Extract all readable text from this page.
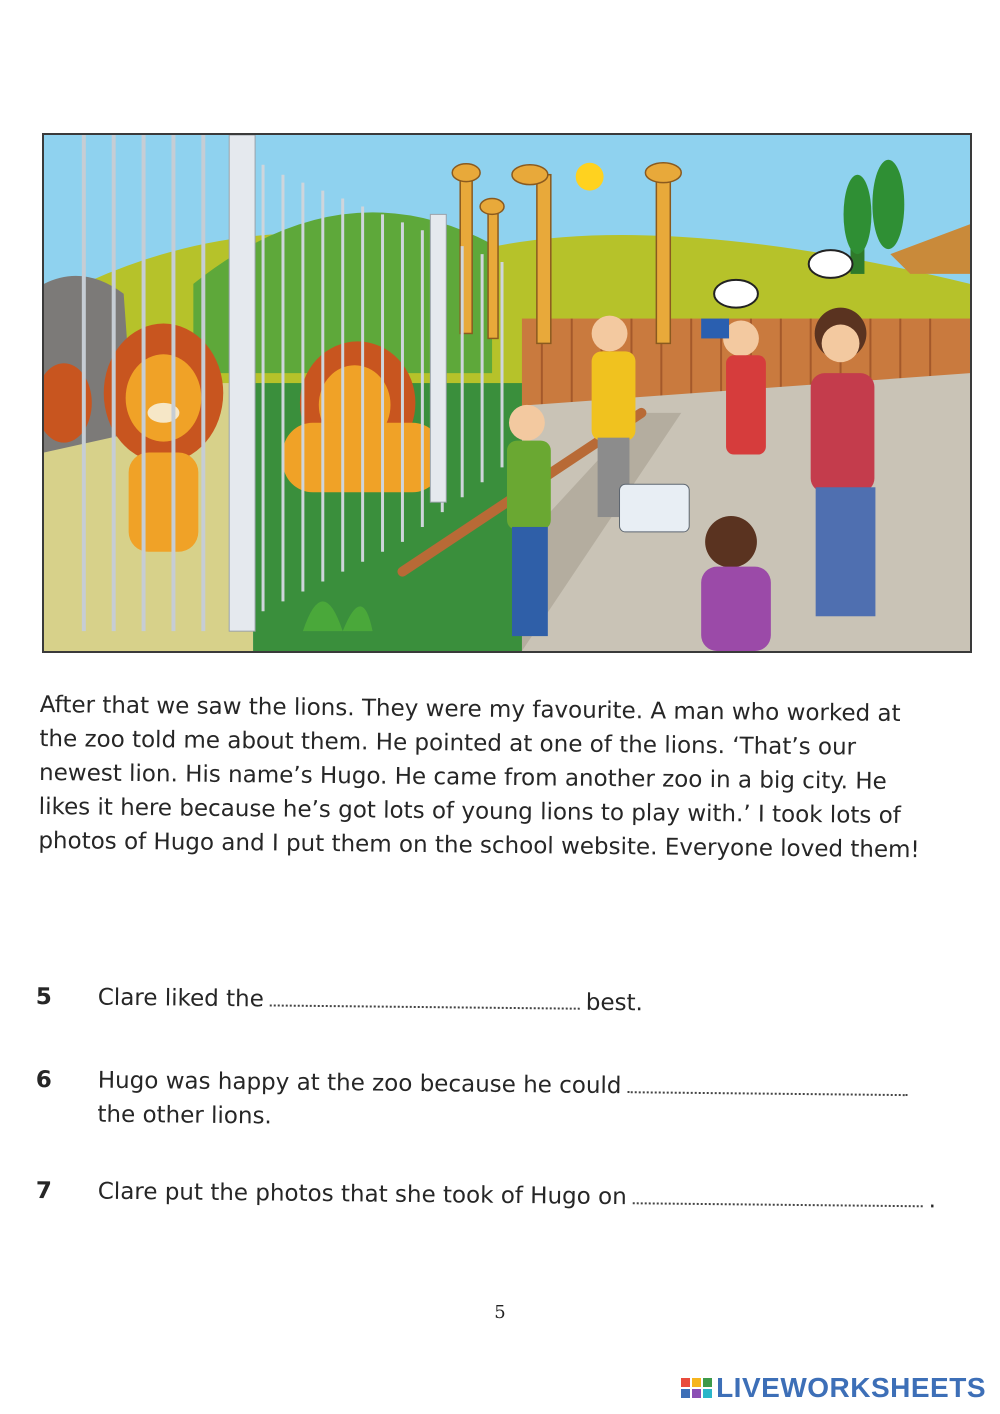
After that we saw the lions. They were my favourite. A man who worked at the zoo told me about them. He pointed at one of the lions. ‘That’s our newest lion. His name’s Hugo. He came from another zoo in a big city. He likes it here because he’s got lots of young lions to play with.’ I took lots of photos of Hugo and I put them on the school website. Everyone loved them!

5 Clare liked the	best.
6 Hugo was happy at the zoo because he could
the other lions.
7 Clare put the photos that she took of Hugo on	.
5
LIVEWORKSHEETS
